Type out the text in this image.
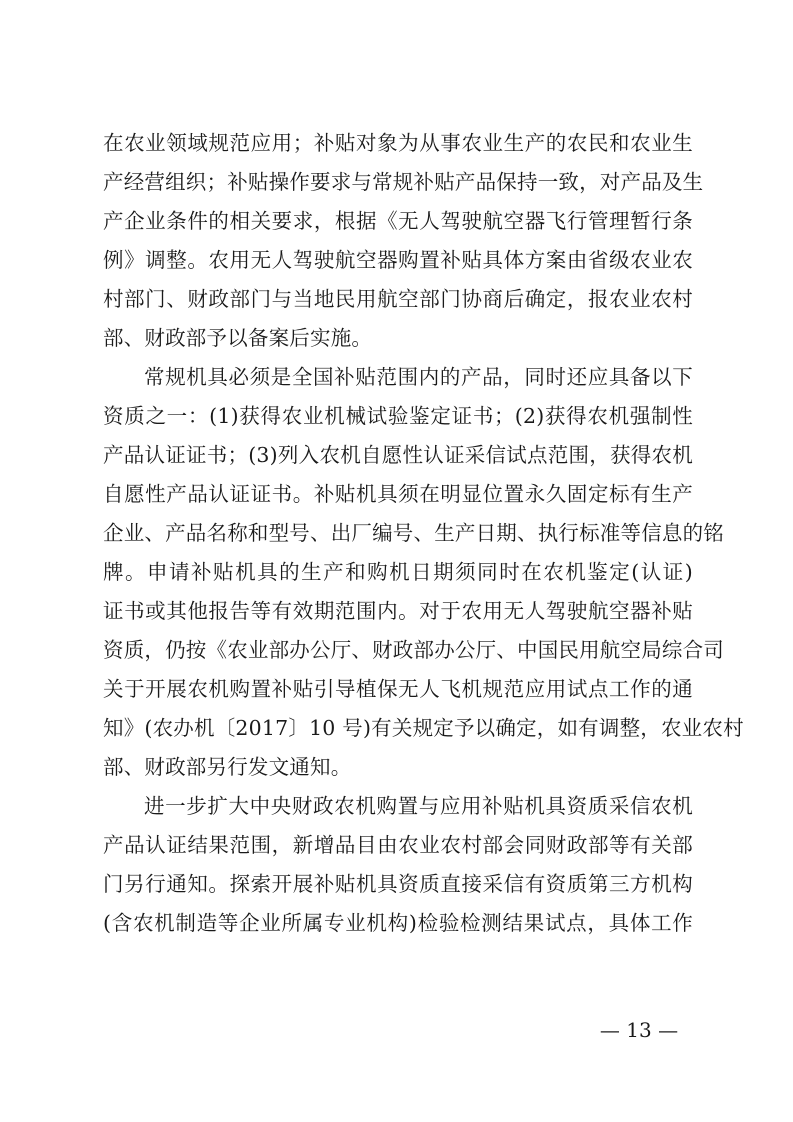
在农业领域规范应用；补贴对象为从事农业生产的农民和农业生
产经营组织；补贴操作要求与常规补贴产品保持一致，对产品及生
产企业条件的相关要求，根据《无人驾驶航空器飞行管理暂行条
例》调整。农用无人驾驶航空器购置补贴具体方案由省级农业农
村部门、财政部门与当地民用航空部门协商后确定，报农业农村
部、财政部予以备案后实施。
常规机具必须是全国补贴范围内的产品，同时还应具备以下
资质之一：(1)获得农业机械试验鉴定证书；(2)获得农机强制性
产品认证证书；(3)列入农机自愿性认证采信试点范围，获得农机
自愿性产品认证证书。补贴机具须在明显位置永久固定标有生产
企业、产品名称和型号、出厂编号、生产日期、执行标准等信息的铭
牌。申请补贴机具的生产和购机日期须同时在农机鉴定(认证)
证书或其他报告等有效期范围内。对于农用无人驾驶航空器补贴
资质，仍按《农业部办公厅、财政部办公厅、中国民用航空局综合司
关于开展农机购置补贴引导植保无人飞机规范应用试点工作的通
知》(农办机〔2017〕10 号)有关规定予以确定，如有调整，农业农村
部、财政部另行发文通知。
进一步扩大中央财政农机购置与应用补贴机具资质采信农机
产品认证结果范围，新增品目由农业农村部会同财政部等有关部
门另行通知。探索开展补贴机具资质直接采信有资质第三方机构
(含农机制造等企业所属专业机构)检验检测结果试点，具体工作
— 13 —
